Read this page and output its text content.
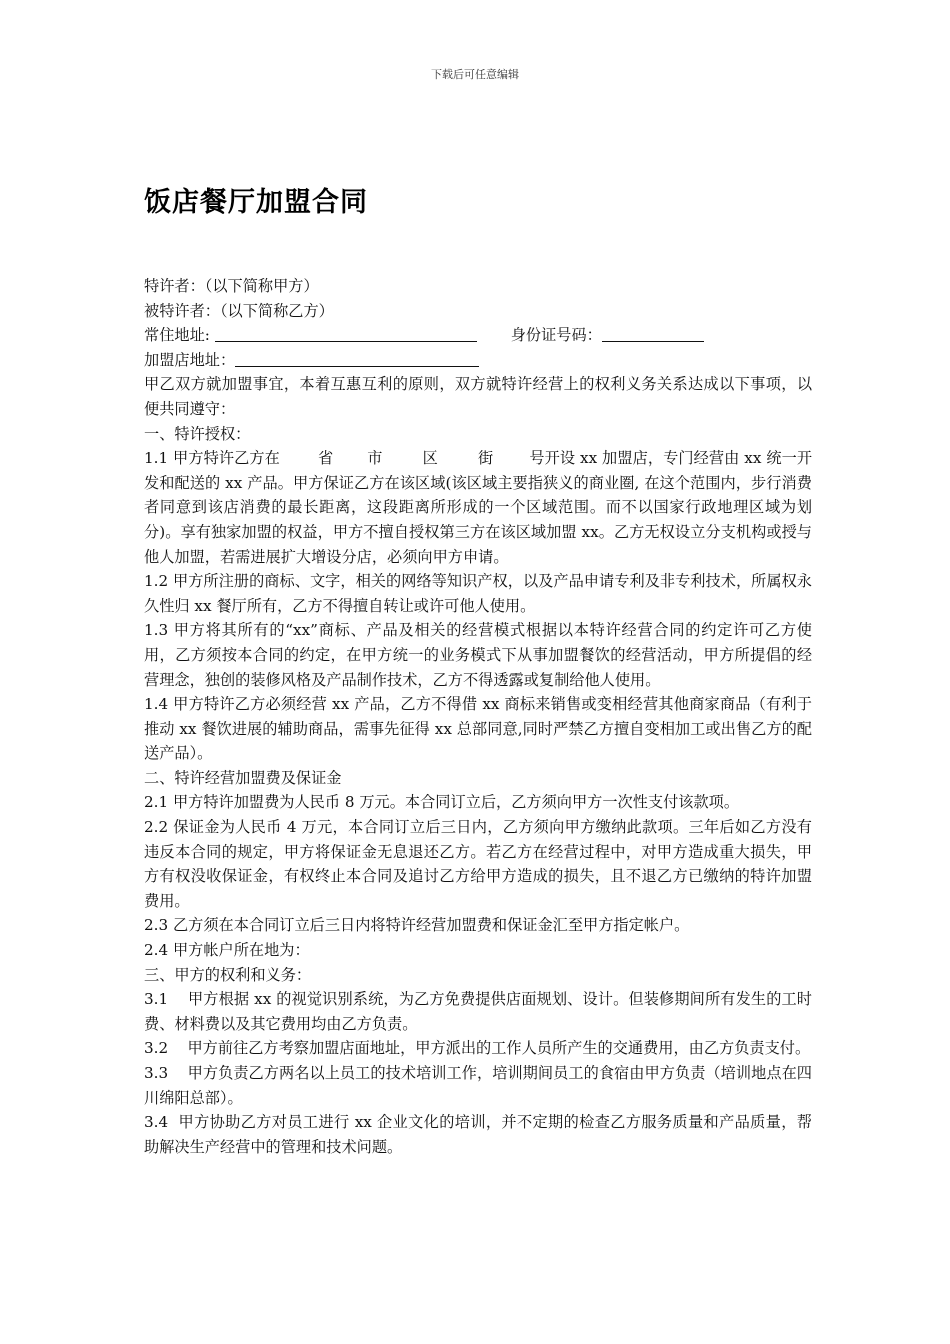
下载后可任意编辑
饭店餐厅加盟合同

特许者：（以下简称甲方）

被特许者：（以下简称乙方）

常住地址:	身份证号码：

加盟店地址：

甲乙双方就加盟事宜，本着互惠互利的原则，双方就特许经营上的权利义务关系达成以下事项，以便共同遵守：

一、特许授权：

1.1 甲方特许乙方在	省 市	区	街 号开设 xx 加盟店，专门经营由 xx 统一开发和配送的 xx 产品。甲方保证乙方在该区域(该区域主要指狭义的商业圈, 在这个范围内，步行消费者同意到该店消费的最长距离，这段距离所形成的一个区域范围。而不以国家行政地理区域为划分)。享有独家加盟的权益，甲方不擅自授权第三方在该区域加盟 xx。乙方无权设立分支机构或授与他人加盟，若需进展扩大增设分店，必须向甲方申请。

1.2 甲方所注册的商标、文字，相关的网络等知识产权，以及产品申请专利及非专利技术，所属权永久性归 xx 餐厅所有，乙方不得擅自转让或许可他人使用。

1.3 甲方将其所有的“xx”商标、产品及相关的经营模式根据以本特许经营合同的约定许可乙方使用，乙方须按本合同的约定，在甲方统一的业务模式下从事加盟餐饮的经营活动，甲方所提倡的经营理念，独创的装修风格及产品制作技术，乙方不得透露或复制给他人使用。

1.4 甲方特许乙方必须经营 xx 产品，乙方不得借 xx 商标来销售或变相经营其他商家商品（有利于推动 xx 餐饮进展的辅助商品，需事先征得 xx 总部同意,同时严禁乙方擅自变相加工或出售乙方的配送产品）。

二、特许经营加盟费及保证金

2.1 甲方特许加盟费为人民币 8 万元。本合同订立后，乙方须向甲方一次性支付该款项。

2.2 保证金为人民币 4 万元，本合同订立后三日内，乙方须向甲方缴纳此款项。三年后如乙方没有违反本合同的规定，甲方将保证金无息退还乙方。若乙方在经营过程中，对甲方造成重大损失，甲方有权没收保证金，有权终止本合同及追讨乙方给甲方造成的损失，且不退乙方已缴纳的特许加盟费用。

2.3 乙方须在本合同订立后三日内将特许经营加盟费和保证金汇至甲方指定帐户。

2.4 甲方帐户所在地为：

三、甲方的权利和义务：

3.1    甲方根据 xx 的视觉识别系统，为乙方免费提供店面规划、设计。但装修期间所有发生的工时费、材料费以及其它费用均由乙方负责。

3.2    甲方前往乙方考察加盟店面地址，甲方派出的工作人员所产生的交通费用，由乙方负责支付。

3.3    甲方负责乙方两名以上员工的技术培训工作，培训期间员工的食宿由甲方负责（培训地点在四川绵阳总部）。

3.4  甲方协助乙方对员工进行 xx 企业文化的培训，并不定期的检查乙方服务质量和产品质量，帮助解决生产经营中的管理和技术问题。
